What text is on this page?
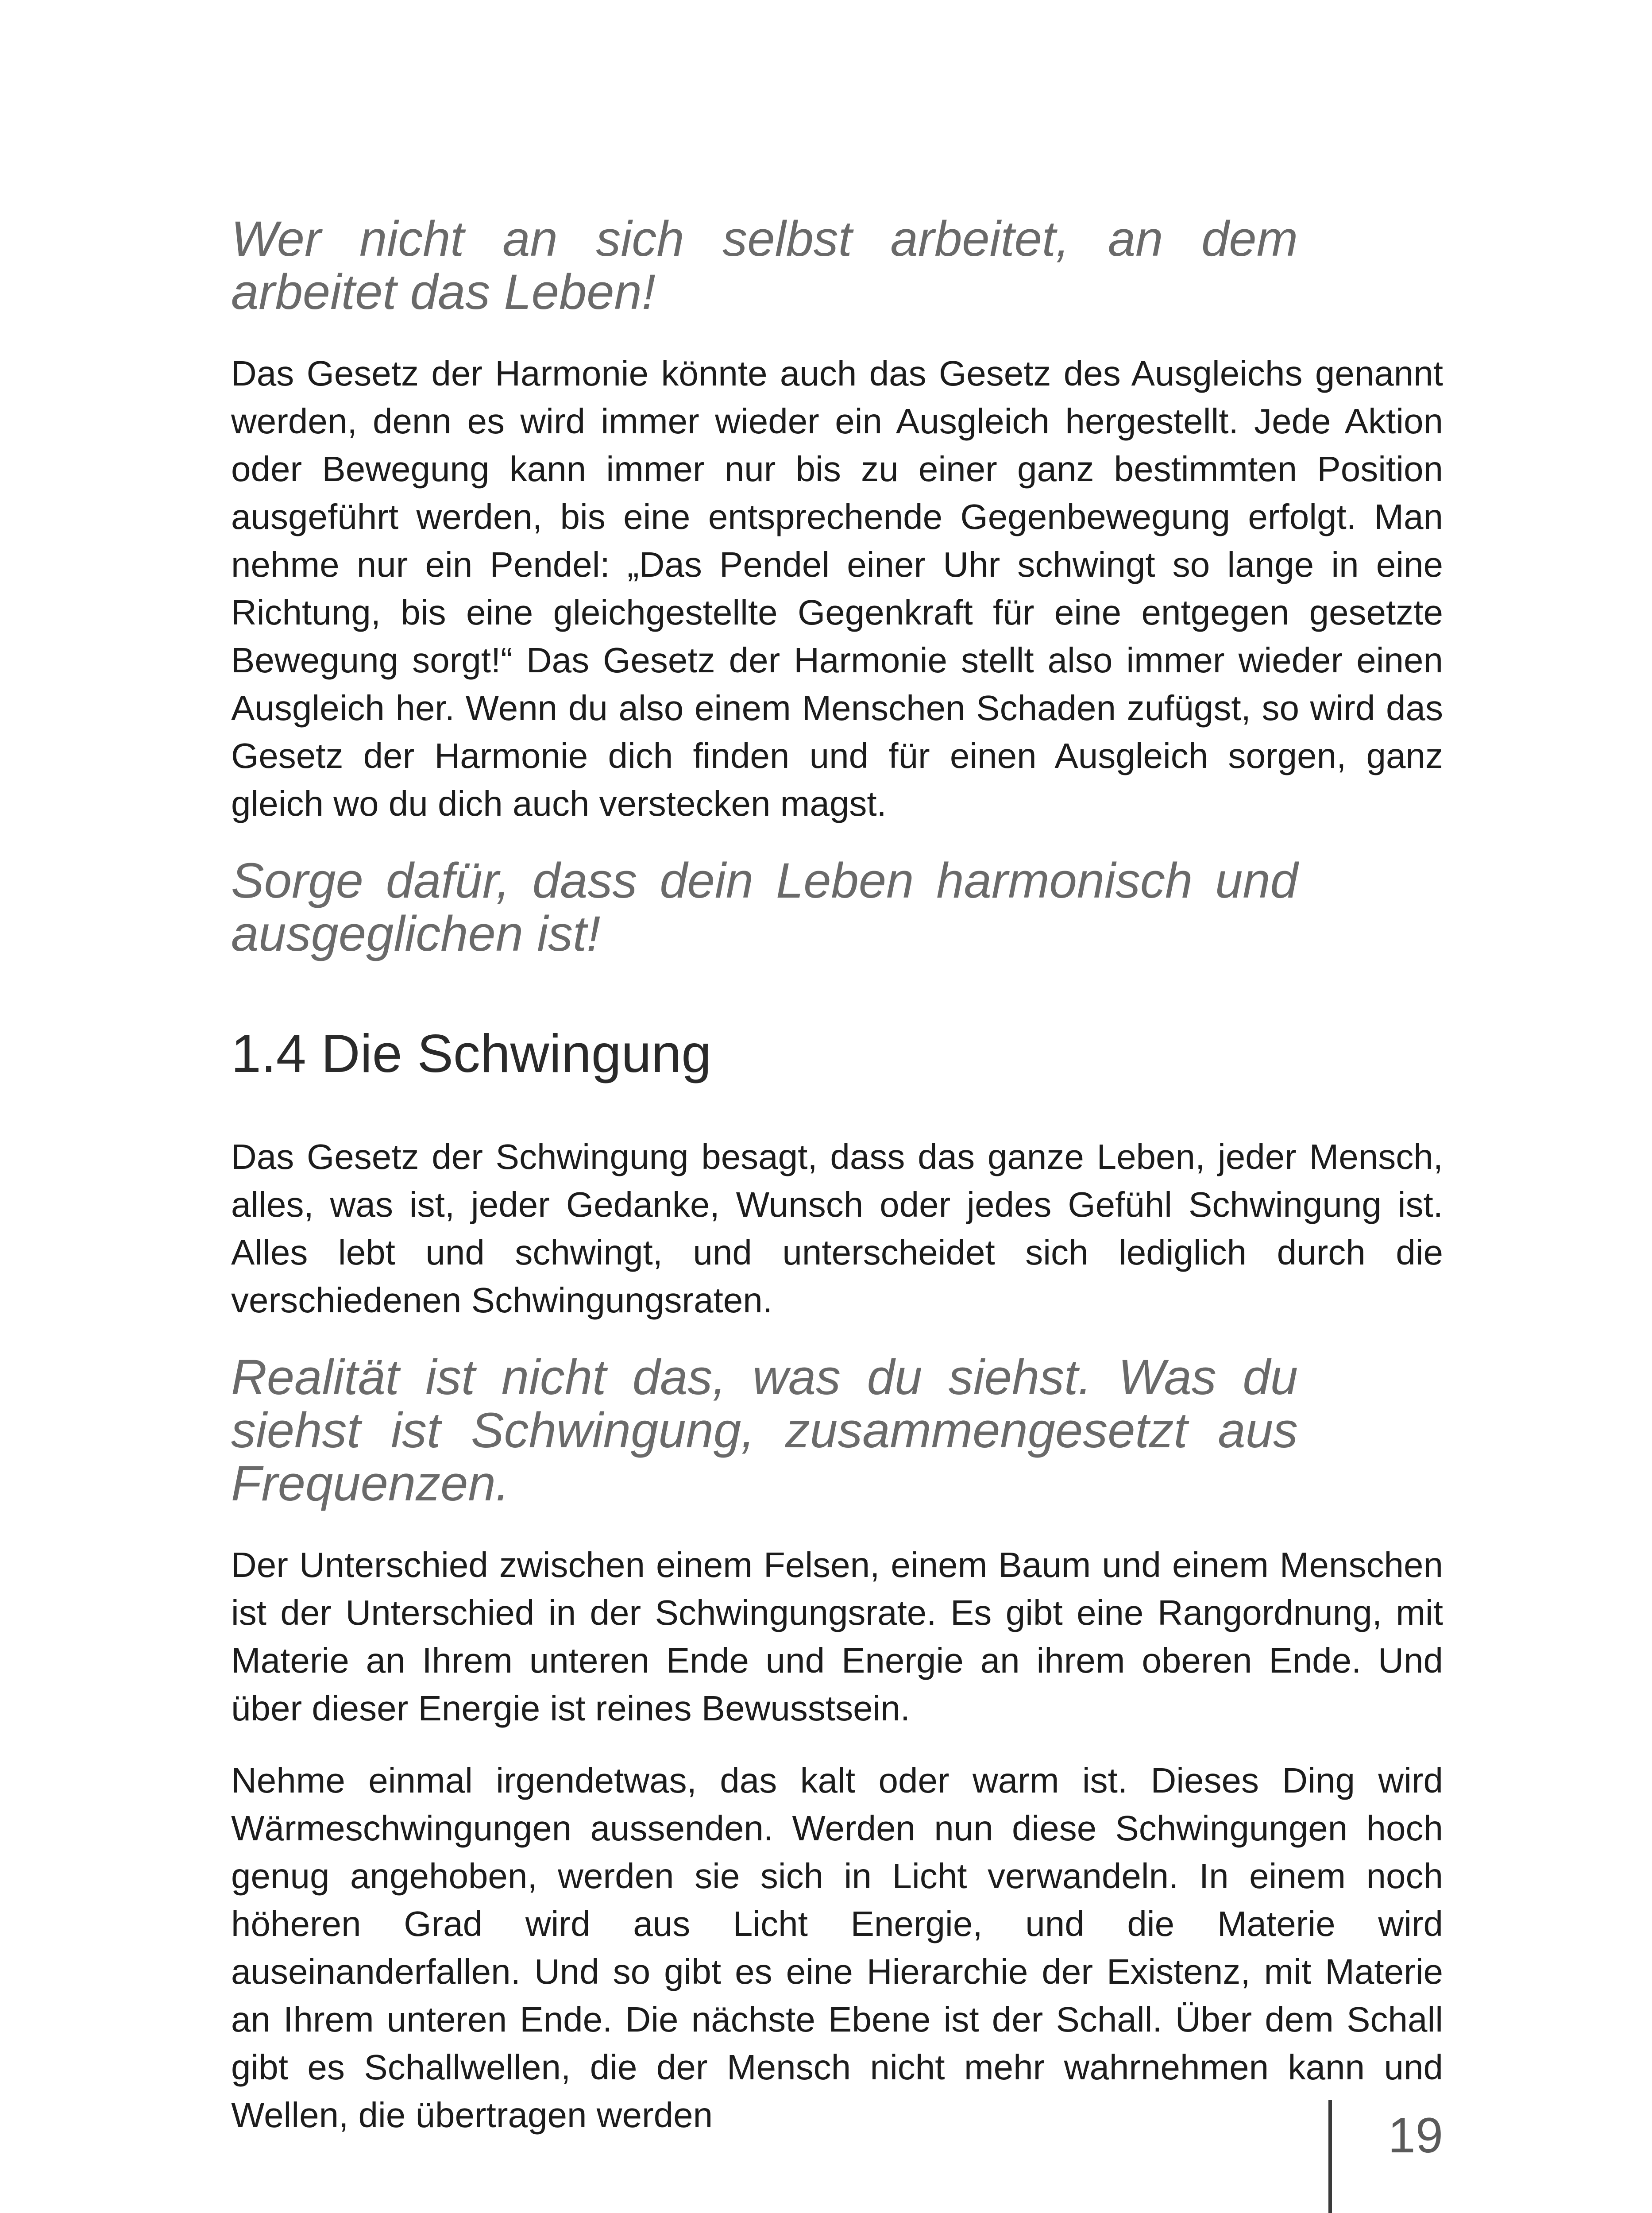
Wer nicht an sich selbst arbeitet, an dem arbeitet das Leben!

Das Gesetz der Harmonie könnte auch das Gesetz des Ausgleichs genannt werden, denn es wird immer wieder ein Ausgleich hergestellt. Jede Aktion oder Bewegung kann immer nur bis zu einer ganz bestimmten Position ausgeführt werden, bis eine entsprechende Gegenbewegung erfolgt. Man nehme nur ein Pendel: „Das Pendel einer Uhr schwingt so lange in eine Richtung, bis eine gleichgestellte Gegenkraft für eine entgegen gesetzte Bewegung sorgt!“ Das Gesetz der Harmonie stellt also immer wieder einen Ausgleich her. Wenn du also einem Menschen Schaden zufügst, so wird das Gesetz der Harmonie dich finden und für einen Ausgleich sorgen, ganz gleich wo du dich auch verstecken magst.

Sorge dafür, dass dein Leben harmonisch und ausgeglichen ist!

1.4 Die Schwingung

Das Gesetz der Schwingung besagt, dass das ganze Leben, jeder Mensch, alles, was ist, jeder Gedanke, Wunsch oder jedes Gefühl Schwingung ist. Alles lebt und schwingt, und unterscheidet sich lediglich durch die verschiedenen Schwingungsraten.

Realität ist nicht das, was du siehst. Was du siehst ist Schwingung, zusammengesetzt aus Frequenzen.

Der Unterschied zwischen einem Felsen, einem Baum und einem Menschen ist der Unterschied in der Schwingungsrate. Es gibt eine Rangordnung, mit Materie an Ihrem unteren Ende und Energie an ihrem oberen Ende. Und über dieser Energie ist reines Bewusstsein.

Nehme einmal irgendetwas, das kalt oder warm ist. Dieses Ding wird Wärmeschwingungen aussenden. Werden nun diese Schwingungen hoch genug angehoben, werden sie sich in Licht verwandeln. In einem noch höheren Grad wird aus Licht Energie, und die Materie wird auseinanderfallen. Und so gibt es eine Hierarchie der Existenz, mit Materie an Ihrem unteren Ende. Die nächste Ebene ist der Schall. Über dem Schall gibt es Schallwellen, die der Mensch nicht mehr wahrnehmen kann und Wellen, die übertragen werden	19
